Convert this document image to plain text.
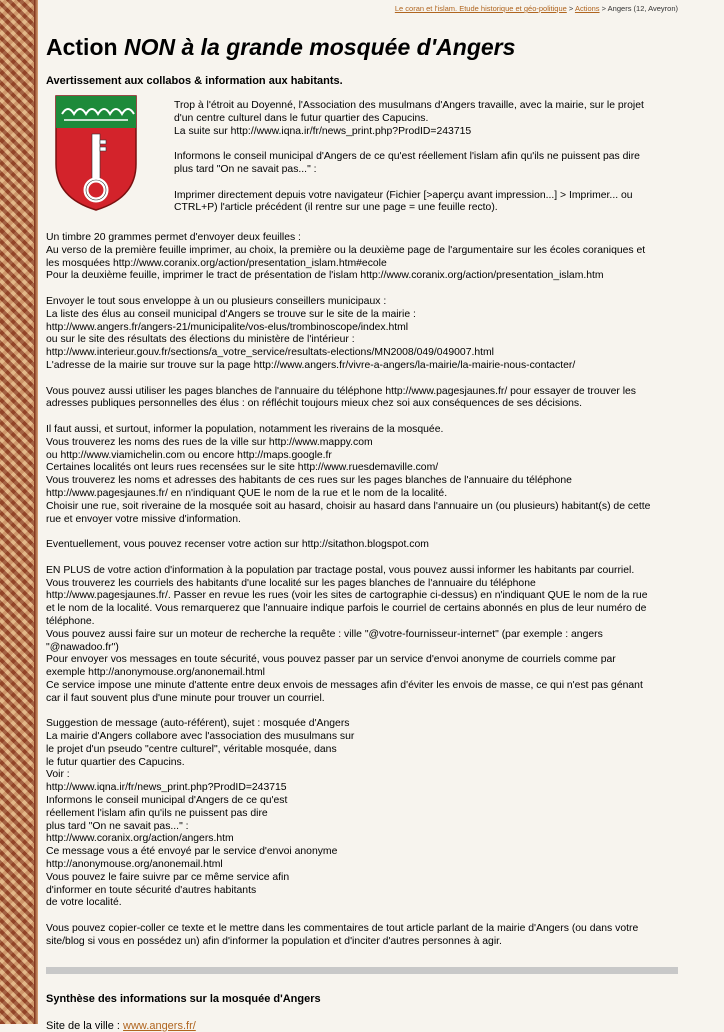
Le coran et l'islam. Etude historique et géo-politique > Actions > Angers (12, Aveyron)
Action NON à la grande mosquée d'Angers
Avertissement aux collabos & information aux habitants.
Trop à l'étroit au Doyenné, l'Association des musulmans d'Angers travaille, avec la mairie, sur le projet
d'un centre culturel dans le futur quartier des Capucins.
La suite sur http://www.iqna.ir/fr/news_print.php?ProdID=243715
Informons le conseil municipal d'Angers de ce qu'est réellement l'islam afin qu'ils ne puissent pas dire
plus tard "On ne savait pas..." :
Imprimer directement depuis votre navigateur (Fichier [>aperçu avant impression...] > Imprimer... ou
CTRL+P) l'article précédent (il rentre sur une page = une feuille recto).
Un timbre 20 grammes permet d'envoyer deux feuilles :
Au verso de la première feuille imprimer, au choix, la première ou la deuxième page de l'argumentaire sur les écoles coraniques et
les mosquées http://www.coranix.org/action/presentation_islam.htm#ecole
Pour la deuxième feuille, imprimer le tract de présentation de l'islam http://www.coranix.org/action/presentation_islam.htm
Envoyer le tout sous enveloppe à un ou plusieurs conseillers municipaux :
La liste des élus au conseil municipal d'Angers se trouve sur le site de la mairie :
http://www.angers.fr/angers-21/municipalite/vos-elus/trombinoscope/index.html
ou sur le site des résultats des élections du ministère de l'intérieur :
http://www.interieur.gouv.fr/sections/a_votre_service/resultats-elections/MN2008/049/049007.html
L'adresse de la mairie sur trouve sur la page http://www.angers.fr/vivre-a-angers/la-mairie/la-mairie-nous-contacter/
Vous pouvez aussi utiliser les pages blanches de l'annuaire du téléphone http://www.pagesjaunes.fr/ pour essayer de trouver les
adresses publiques personnelles des élus : on réfléchit toujours mieux chez soi aux conséquences de ses décisions.
Il faut aussi, et surtout, informer la population, notamment les riverains de la mosquée.
Vous trouverez les noms des rues de la ville sur http://www.mappy.com
ou http://www.viamichelin.com ou encore http://maps.google.fr
Certaines localités ont leurs rues recensées sur le site http://www.ruesdemaville.com/
Vous trouverez les noms et adresses des habitants de ces rues sur les pages blanches de l'annuaire du téléphone
http://www.pagesjaunes.fr/ en n'indiquant QUE le nom de la rue et le nom de la localité.
Choisir une rue, soit riveraine de la mosquée soit au hasard, choisir au hasard dans l'annuaire un (ou plusieurs) habitant(s) de cette
rue et envoyer votre missive d'information.
Eventuellement, vous pouvez recenser votre action sur http://sitathon.blogspot.com
EN PLUS de votre action d'information à la population par tractage postal, vous pouvez aussi informer les habitants par courriel.
Vous trouverez les courriels des habitants d'une localité sur les pages blanches de l'annuaire du téléphone
http://www.pagesjaunes.fr/. Passer en revue les rues (voir les sites de cartographie ci-dessus) en n'indiquant QUE le nom de la rue
et le nom de la localité. Vous remarquerez que l'annuaire indique parfois le courriel de certains abonnés en plus de leur numéro de
téléphone.
Vous pouvez aussi faire sur un moteur de recherche la requête : ville "@votre-fournisseur-internet" (par exemple : angers
"@nawadoo.fr")
Pour envoyer vos messages en toute sécurité, vous pouvez passer par un service d'envoi anonyme de courriels comme par
exemple http://anonymouse.org/anonemail.html
Ce service impose une minute d'attente entre deux envois de messages afin d'éviter les envois de masse, ce qui n'est pas génant
car il faut souvent plus d'une minute pour trouver un courriel.
Suggestion de message (auto-référent), sujet : mosquée d'Angers
La mairie d'Angers collabore avec l'association des musulmans sur
le projet d'un pseudo "centre culturel", véritable mosquée, dans
le futur quartier des Capucins.
Voir :
http://www.iqna.ir/fr/news_print.php?ProdID=243715
Informons le conseil municipal d'Angers de ce qu'est
réellement l'islam afin qu'ils ne puissent pas dire
plus tard "On ne savait pas..." :
http://www.coranix.org/action/angers.htm
Ce message vous a été envoyé par le service d'envoi anonyme
http://anonymouse.org/anonemail.html
Vous pouvez le faire suivre par ce même service afin
d'informer en toute sécurité d'autres habitants
de votre localité.
Vous pouvez copier-coller ce texte et le mettre dans les commentaires de tout article parlant de la mairie d'Angers (ou dans votre
site/blog si vous en possédez un) afin d'informer la population et d'inciter d'autres personnes à agir.
Synthèse des informations sur la mosquée d'Angers
Site de la ville : www.angers.fr/
